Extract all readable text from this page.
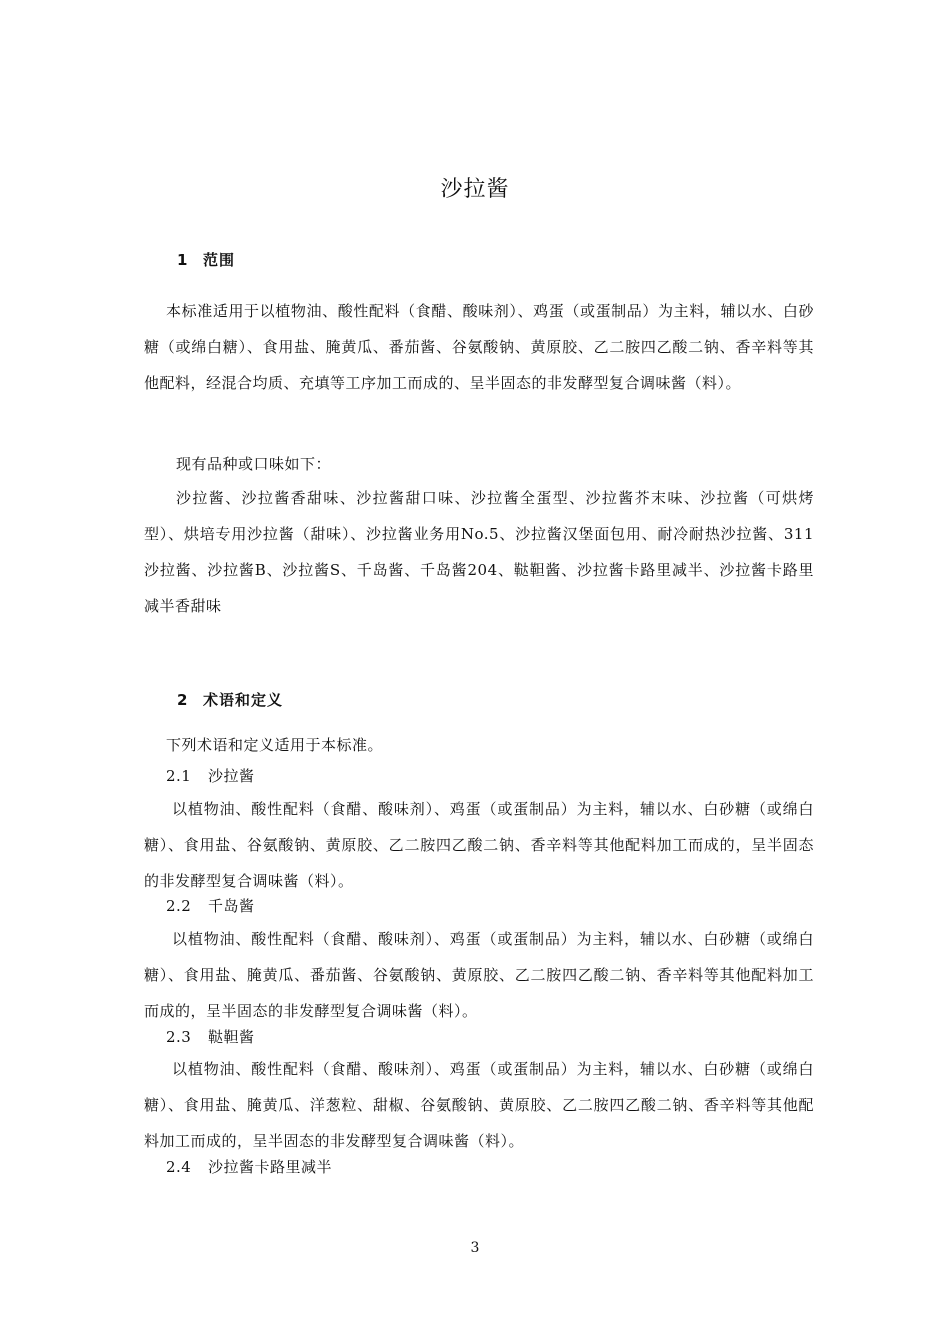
沙拉酱
1 范围
本标准适用于以植物油、酸性配料（食醋、酸味剂）、鸡蛋（或蛋制品）为主料，辅以水、白砂糖（或绵白糖）、食用盐、腌黄瓜、番茄酱、谷氨酸钠、黄原胶、乙二胺四乙酸二钠、香辛料等其他配料，经混合均质、充填等工序加工而成的、呈半固态的非发酵型复合调味酱（料）。
现有品种或口味如下：
沙拉酱、沙拉酱香甜味、沙拉酱甜口味、沙拉酱全蛋型、沙拉酱芥末味、沙拉酱（可烘烤型）、烘培专用沙拉酱（甜味）、沙拉酱业务用No.5、沙拉酱汉堡面包用、耐冷耐热沙拉酱、311沙拉酱、沙拉酱B、沙拉酱S、千岛酱、千岛酱204、鞑靼酱、沙拉酱卡路里减半、沙拉酱卡路里减半香甜味
2 术语和定义
下列术语和定义适用于本标准。
2.1 沙拉酱
以植物油、酸性配料（食醋、酸味剂）、鸡蛋（或蛋制品）为主料，辅以水、白砂糖（或绵白糖）、食用盐、谷氨酸钠、黄原胶、乙二胺四乙酸二钠、香辛料等其他配料加工而成的，呈半固态的非发酵型复合调味酱（料）。
2.2 千岛酱
以植物油、酸性配料（食醋、酸味剂）、鸡蛋（或蛋制品）为主料，辅以水、白砂糖（或绵白糖）、食用盐、腌黄瓜、番茄酱、谷氨酸钠、黄原胶、乙二胺四乙酸二钠、香辛料等其他配料加工而成的，呈半固态的非发酵型复合调味酱（料）。
2.3 鞑靼酱
以植物油、酸性配料（食醋、酸味剂）、鸡蛋（或蛋制品）为主料，辅以水、白砂糖（或绵白糖）、食用盐、腌黄瓜、洋葱粒、甜椒、谷氨酸钠、黄原胶、乙二胺四乙酸二钠、香辛料等其他配料加工而成的，呈半固态的非发酵型复合调味酱（料）。
2.4 沙拉酱卡路里减半
3
